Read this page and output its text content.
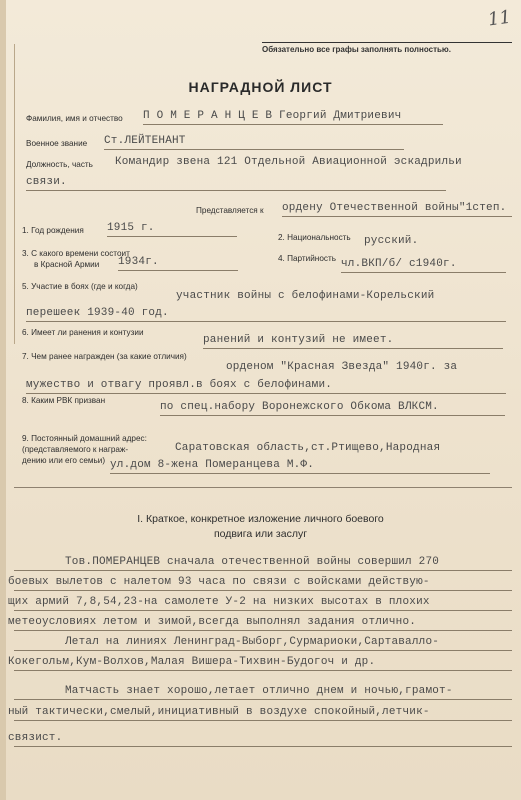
11
Обязательно все графы заполнять полностью.
НАГРАДНОЙ ЛИСТ
Фамилия, имя и отчество П О М Е Р А Н Ц Е В Георгий Дмитриевич
Военное звание Ст.ЛЕЙТЕНАНТ
Должность, часть Командир звена 121 Отдельной Авиационной эскадрильи
связи.
Представляется к ордену Отечественной войны"1степ.
1. Год рождения 1915 г.
2. Национальность русский.
3. С какого времени состоит
в Красной Армии 1934г.	4. Партийность чл.ВКП/б/ с1940г.
5. Участие в боях (где и когда)
участник войны с белофинами-Корельский
перешеек 1939-40 год.
6. Имеет ли ранения и контузии
ранений и контузий не имеет.
7. Чем ранее награжден (за какие отличия)
орденом "Красная Звезда" 1940г. за
мужество и отвагу проявл.в боях с белофинами.
8. Каким РВК призван
по спец.набору Воронежского Обкома ВЛКСМ.
9. Постоянный домашний адрес:
(представляемого к награж-
дению или его семьи)
Саратовская область,ст.Ртищево,Народная
ул.дом 8-жена Померанцева М.Ф.
I. Краткое, конкретное изложение личного боевого
подвига или заслуг
Тов.ПОМЕРАНЦЕВ сначала отечественной войны совершил 270
боевых вылетов с налетом 93 часа по связи с войсками действую-
щих армий 7,8,54,23-на самолете У-2 на низких высотах в плохих
метеоусловиях летом и зимой,всегда выполнял задания отлично.
Летал на линиях Ленинград-Выборг,Сурмариоки,Сартавалло-
Кокегольм,Кум-Волхов,Малая Вишера-Тихвин-Будогоч и др.
Матчасть знает хорошо,летает отлично днем и ночью,грамот-
ный тактически,смелый,инициативный в воздухе спокойный,летчик-
связист.
